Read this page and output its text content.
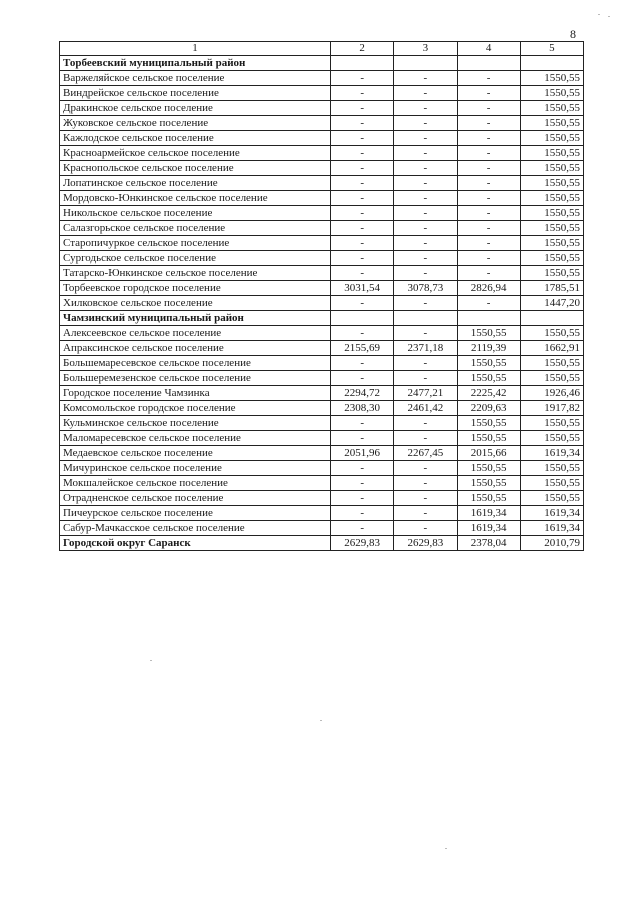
8
1	2	3	4	5
Торбеевский муниципальный район				
Варжеляйское сельское поселение	-	-	-	1550,55
Виндрейское сельское поселение	-	-	-	1550,55
Дракинское сельское поселение	-	-	-	1550,55
Жуковское сельское поселение	-	-	-	1550,55
Кажлодское сельское поселение	-	-	-	1550,55
Красноармейское сельское поселение	-	-	-	1550,55
Краснопольское сельское поселение	-	-	-	1550,55
Лопатинское сельское поселение	-	-	-	1550,55
Мордовско-Юнкинское сельское поселение	-	-	-	1550,55
Никольское сельское поселение	-	-	-	1550,55
Салазгорьское сельское поселение	-	-	-	1550,55
Старопичуркое сельское поселение	-	-	-	1550,55
Сургодьское сельское поселение	-	-	-	1550,55
Татарско-Юнкинское сельское поселение	-	-	-	1550,55
Торбеевское городское поселение	3031,54	3078,73	2826,94	1785,51
Хилковское сельское поселение	-	-	-	1447,20
Чамзинский муниципальный район				
Алексеевское сельское поселение	-	-	1550,55	1550,55
Апраксинское сельское поселение	2155,69	2371,18	2119,39	1662,91
Большемаресевское сельское поселение	-	-	1550,55	1550,55
Большеремезенское сельское поселение	-	-	1550,55	1550,55
Городское поселение Чамзинка	2294,72	2477,21	2225,42	1926,46
Комсомольское городское поселение	2308,30	2461,42	2209,63	1917,82
Кульминское сельское поселение	-	-	1550,55	1550,55
Маломаресевское сельское поселение	-	-	1550,55	1550,55
Медаевское сельское поселение	2051,96	2267,45	2015,66	1619,34
Мичуринское сельское поселение	-	-	1550,55	1550,55
Мокшалейское сельское поселение	-	-	1550,55	1550,55
Отрадненское сельское поселение	-	-	1550,55	1550,55
Пичеурское сельское поселение	-	-	1619,34	1619,34
Сабур-Мачкасское сельское поселение	-	-	1619,34	1619,34
Городской округ Саранск	2629,83	2629,83	2378,04	2010,79
